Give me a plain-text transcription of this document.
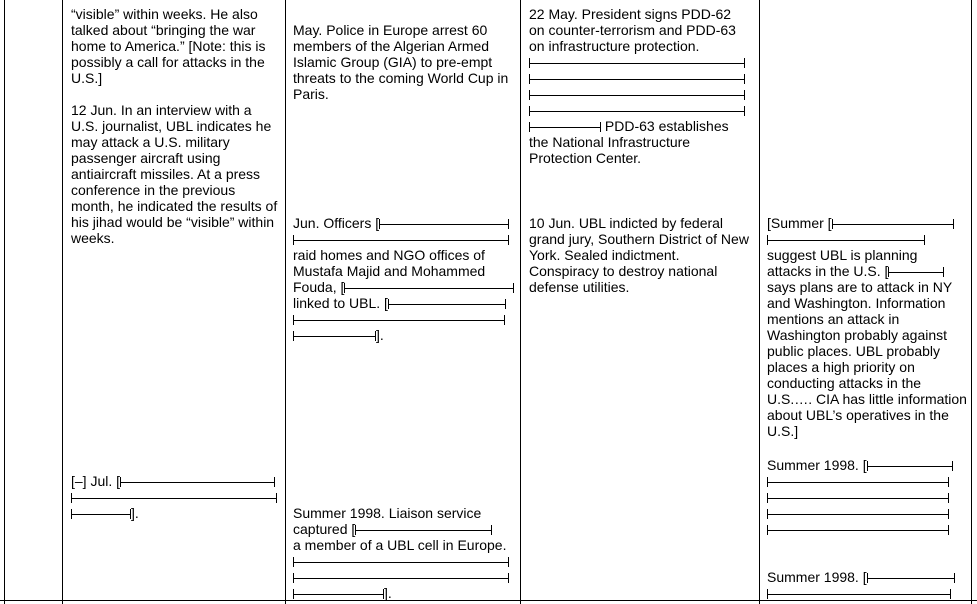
“visible” within weeks. He also
talked about “bringing the war
home to America.” [Note: this is
possibly a call for attacks in the
U.S.]
12 Jun. In an interview with a
U.S. journalist, UBL indicates he
may attack a U.S. military
passenger aircraft using
antiaircraft missiles. At a press
conference in the previous
month, he indicated the results of
his jihad would be “visible” within
weeks.
[–] Jul. [
].
May. Police in Europe arrest 60
members of the Algerian Armed
Islamic Group (GIA) to pre-empt
threats to the coming World Cup in
Paris.
Jun. Officers [
raid homes and NGO offices of
Mustafa Majid and Mohammed
Fouda, [
linked to UBL. [
].
Summer 1998. Liaison service
captured [
a member of a UBL cell in Europe.
].
22 May. President signs PDD-62
on counter-terrorism and PDD-63
on infrastructure protection.
PDD-63 establishes
the National Infrastructure
Protection Center.
10 Jun. UBL indicted by federal
grand jury, Southern District of New
York. Sealed indictment.
Conspiracy to destroy national
defense utilities.
[Summer [
suggest UBL is planning
attacks in the U.S. [
says plans are to attack in NY
and Washington. Information
mentions an attack in
Washington probably against
public places. UBL probably
places a high priority on
conducting attacks in the
U.S.…. CIA has little information
about UBL’s operatives in the
U.S.]
Summer 1998. [
Summer 1998. [
